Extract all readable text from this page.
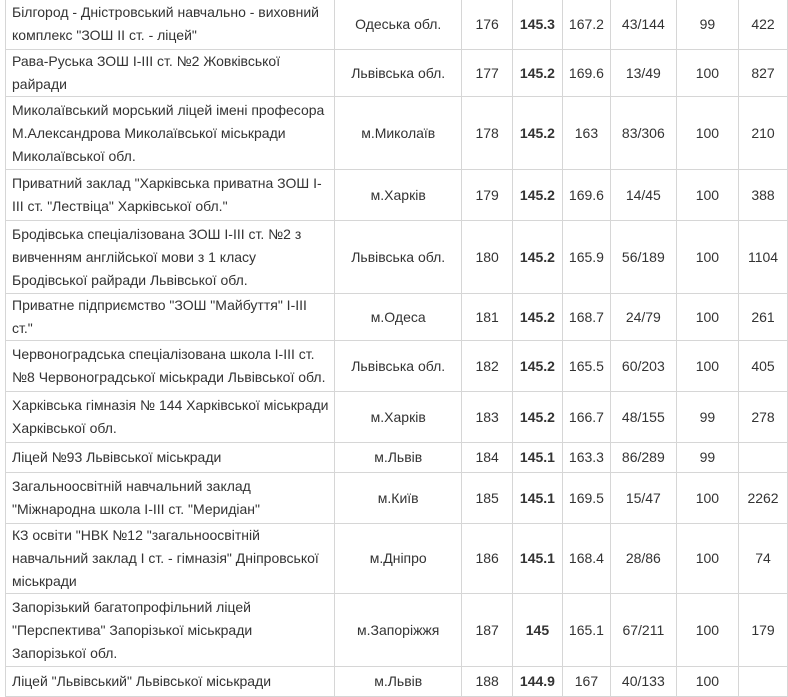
Білгород - Дністровський навчально - виховний комплекс "ЗОШ ІІ ст. - ліцей"	Одеська обл.	176	145.3	167.2	43/144	99	422
Рава-Руська ЗОШ І-ІІІ ст. №2 Жовківської райради	Львівська обл.	177	145.2	169.6	13/49	100	827
Миколаївський морський ліцей імені професора М.Александрова Миколаївської міськради Миколаївської обл.	м.Миколаїв	178	145.2	163	83/306	100	210
Приватний заклад "Харківська приватна ЗОШ І-ІІІ ст. "Лествіца" Харківської обл."	м.Харків	179	145.2	169.6	14/45	100	388
Бродівська спеціалізована ЗОШ І-ІІІ ст. №2 з вивченням англійської мови з 1 класу Бродівської райради Львівської обл.	Львівська обл.	180	145.2	165.9	56/189	100	1104
Приватне підприємство "ЗОШ "Майбуття" І-ІІІ ст."	м.Одеса	181	145.2	168.7	24/79	100	261
Червоноградська спеціалізована школа І-ІІІ ст. №8 Червоноградської міськради Львівської обл.	Львівська обл.	182	145.2	165.5	60/203	100	405
Харківська гімназія № 144 Харківської міськради Харківської обл.	м.Харків	183	145.2	166.7	48/155	99	278
Ліцей №93 Львівської міськради	м.Львів	184	145.1	163.3	86/289	99	
Загальноосвітній навчальний заклад "Міжнародна школа І-ІІІ ст. "Меридіан"	м.Київ	185	145.1	169.5	15/47	100	2262
КЗ освіти "НВК №12 "загальноосвітній навчальний заклад І ст. - гімназія" Дніпровської міськради	м.Дніпро	186	145.1	168.4	28/86	100	74
Запорізький багатопрофільний ліцей "Перспектива" Запорізької міськради Запорізької обл.	м.Запоріжжя	187	145	165.1	67/211	100	179
Ліцей "Львівський" Львівської міськради	м.Львів	188	144.9	167	40/133	100	
